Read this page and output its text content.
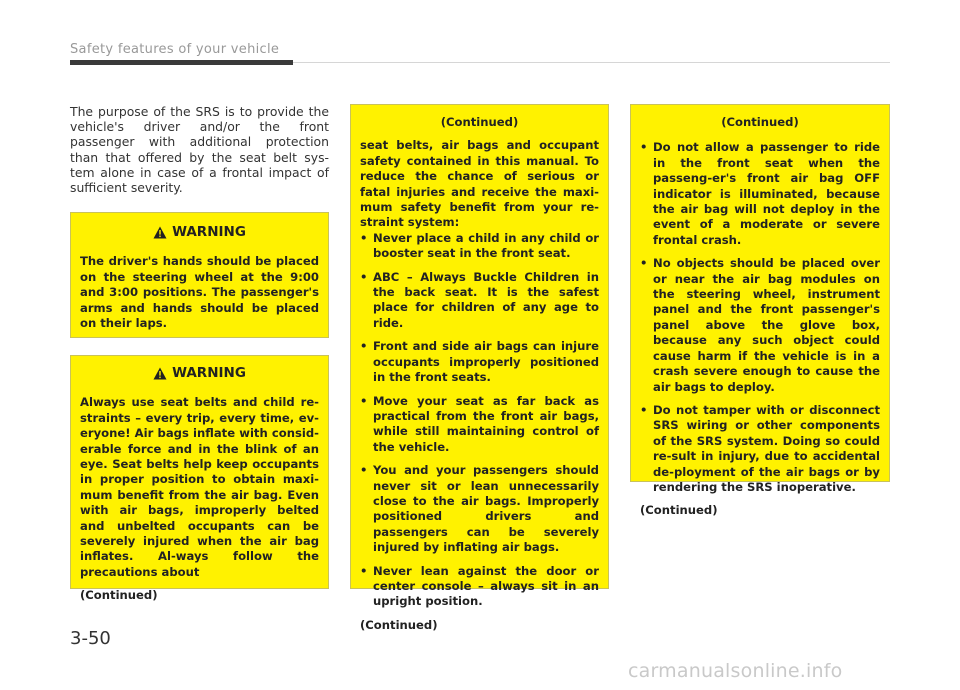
Safety features of your vehicle

The purpose of the SRS is to provide the vehicle's driver and/or the front passenger with additional protection than that offered by the seat belt sys-tem alone in case of a frontal impact of sufficient severity.

WARNING

The driver's hands should be placed on the steering wheel at the 9:00 and 3:00 positions. The passenger's arms and hands should be placed on their laps.

WARNING

Always use seat belts and child re-straints – every trip, every time, ev-eryone! Air bags inflate with consid-erable force and in the blink of an eye. Seat belts help keep occupants in proper position to obtain maxi-mum benefit from the air bag. Even with air bags, improperly belted and unbelted occupants can be severely injured when the air bag inflates. Al-ways follow the precautions about

(Continued)

(Continued)

seat belts, air bags and occupant safety contained in this manual. To reduce the chance of serious or fatal injuries and receive the maxi-mum safety benefit from your re-straint system:

• Never place a child in any child or booster seat in the front seat.
• ABC – Always Buckle Children in the back seat. It is the safest place for children of any age to ride.
• Front and side air bags can injure occupants improperly positioned in the front seats.
• Move your seat as far back as practical from the front air bags, while still maintaining control of the vehicle.
• You and your passengers should never sit or lean unnecessarily close to the air bags. Improperly positioned drivers and passengers can be severely injured by inflating air bags.
• Never lean against the door or center console – always sit in an upright position.

(Continued)

(Continued)

• Do not allow a passenger to ride in the front seat when the passeng-er's front air bag OFF indicator is illuminated, because the air bag will not deploy in the event of a moderate or severe frontal crash.
• No objects should be placed over or near the air bag modules on the steering wheel, instrument panel and the front passenger's panel above the glove box, because any such object could cause harm if the vehicle is in a crash severe enough to cause the air bags to deploy.
• Do not tamper with or disconnect SRS wiring or other components of the SRS system. Doing so could re-sult in injury, due to accidental de-ployment of the air bags or by rendering the SRS inoperative.

(Continued)

3-50
carmanualsonline.info
